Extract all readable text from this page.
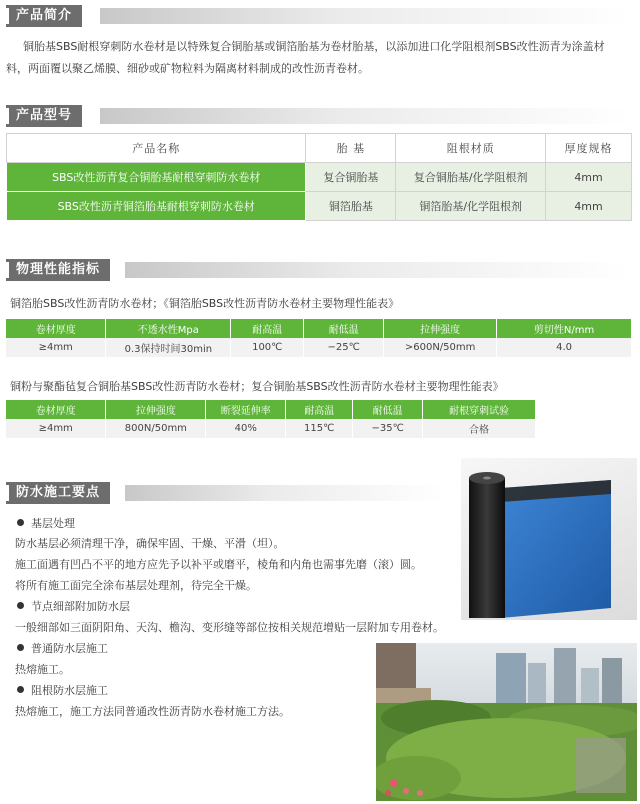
产品简介

铜胎基SBS耐根穿刺防水卷材是以特殊复合铜胎基或铜箔胎基为卷材胎基，以添加进口化学阻根剂SBS改性沥青为涂盖材

料，两面覆以聚乙烯膜、细砂或矿物粒料为隔离材料制成的改性沥青卷材。

产品型号
产品名称	胎 基	阻根材质	厚度规格
SBS改性沥青复合铜胎基耐根穿刺防水卷材	复合铜胎基	复合铜胎基/化学阻根剂	4mm
SBS改性沥青铜箔胎基耐根穿刺防水卷材	铜箔胎基	铜箔胎基/化学阻根剂	4mm
物理性能指标
铜箔胎SBS改性沥青防水卷材；《铜箔胎SBS改性沥青防水卷材主要物理性能表》
卷材厚度	不透水性Mpa	耐高温	耐低温	拉伸强度	剪切性N/mm
≥4mm	0.3保持时间30min	100℃	−25℃	>600N/50mm	4.0
铜粉与聚酯毡复合铜胎基SBS改性沥青防水卷材；复合铜胎基SBS改性沥青防水卷材主要物理性能表》
卷材厚度	拉伸强度	断裂延伸率	耐高温	耐低温	耐根穿刺试验
≥4mm	800N/50mm	40%	115℃	−35℃	合格
防水施工要点
基层处理
防水基层必须清理干净，确保牢固、干燥、平滑（坦）。
施工面遇有凹凸不平的地方应先予以补平或磨平，棱角和内角也需事先磨（滚）圆。
将所有施工面完全涂布基层处理剂，待完全干燥。
节点细部附加防水层
一般细部如三面阴阳角、天沟、檐沟、变形缝等部位按相关规范增贴一层附加专用卷材。
普通防水层施工
热熔施工。
阻根防水层施工
热熔施工，施工方法同普通改性沥青防水卷材施工方法。
